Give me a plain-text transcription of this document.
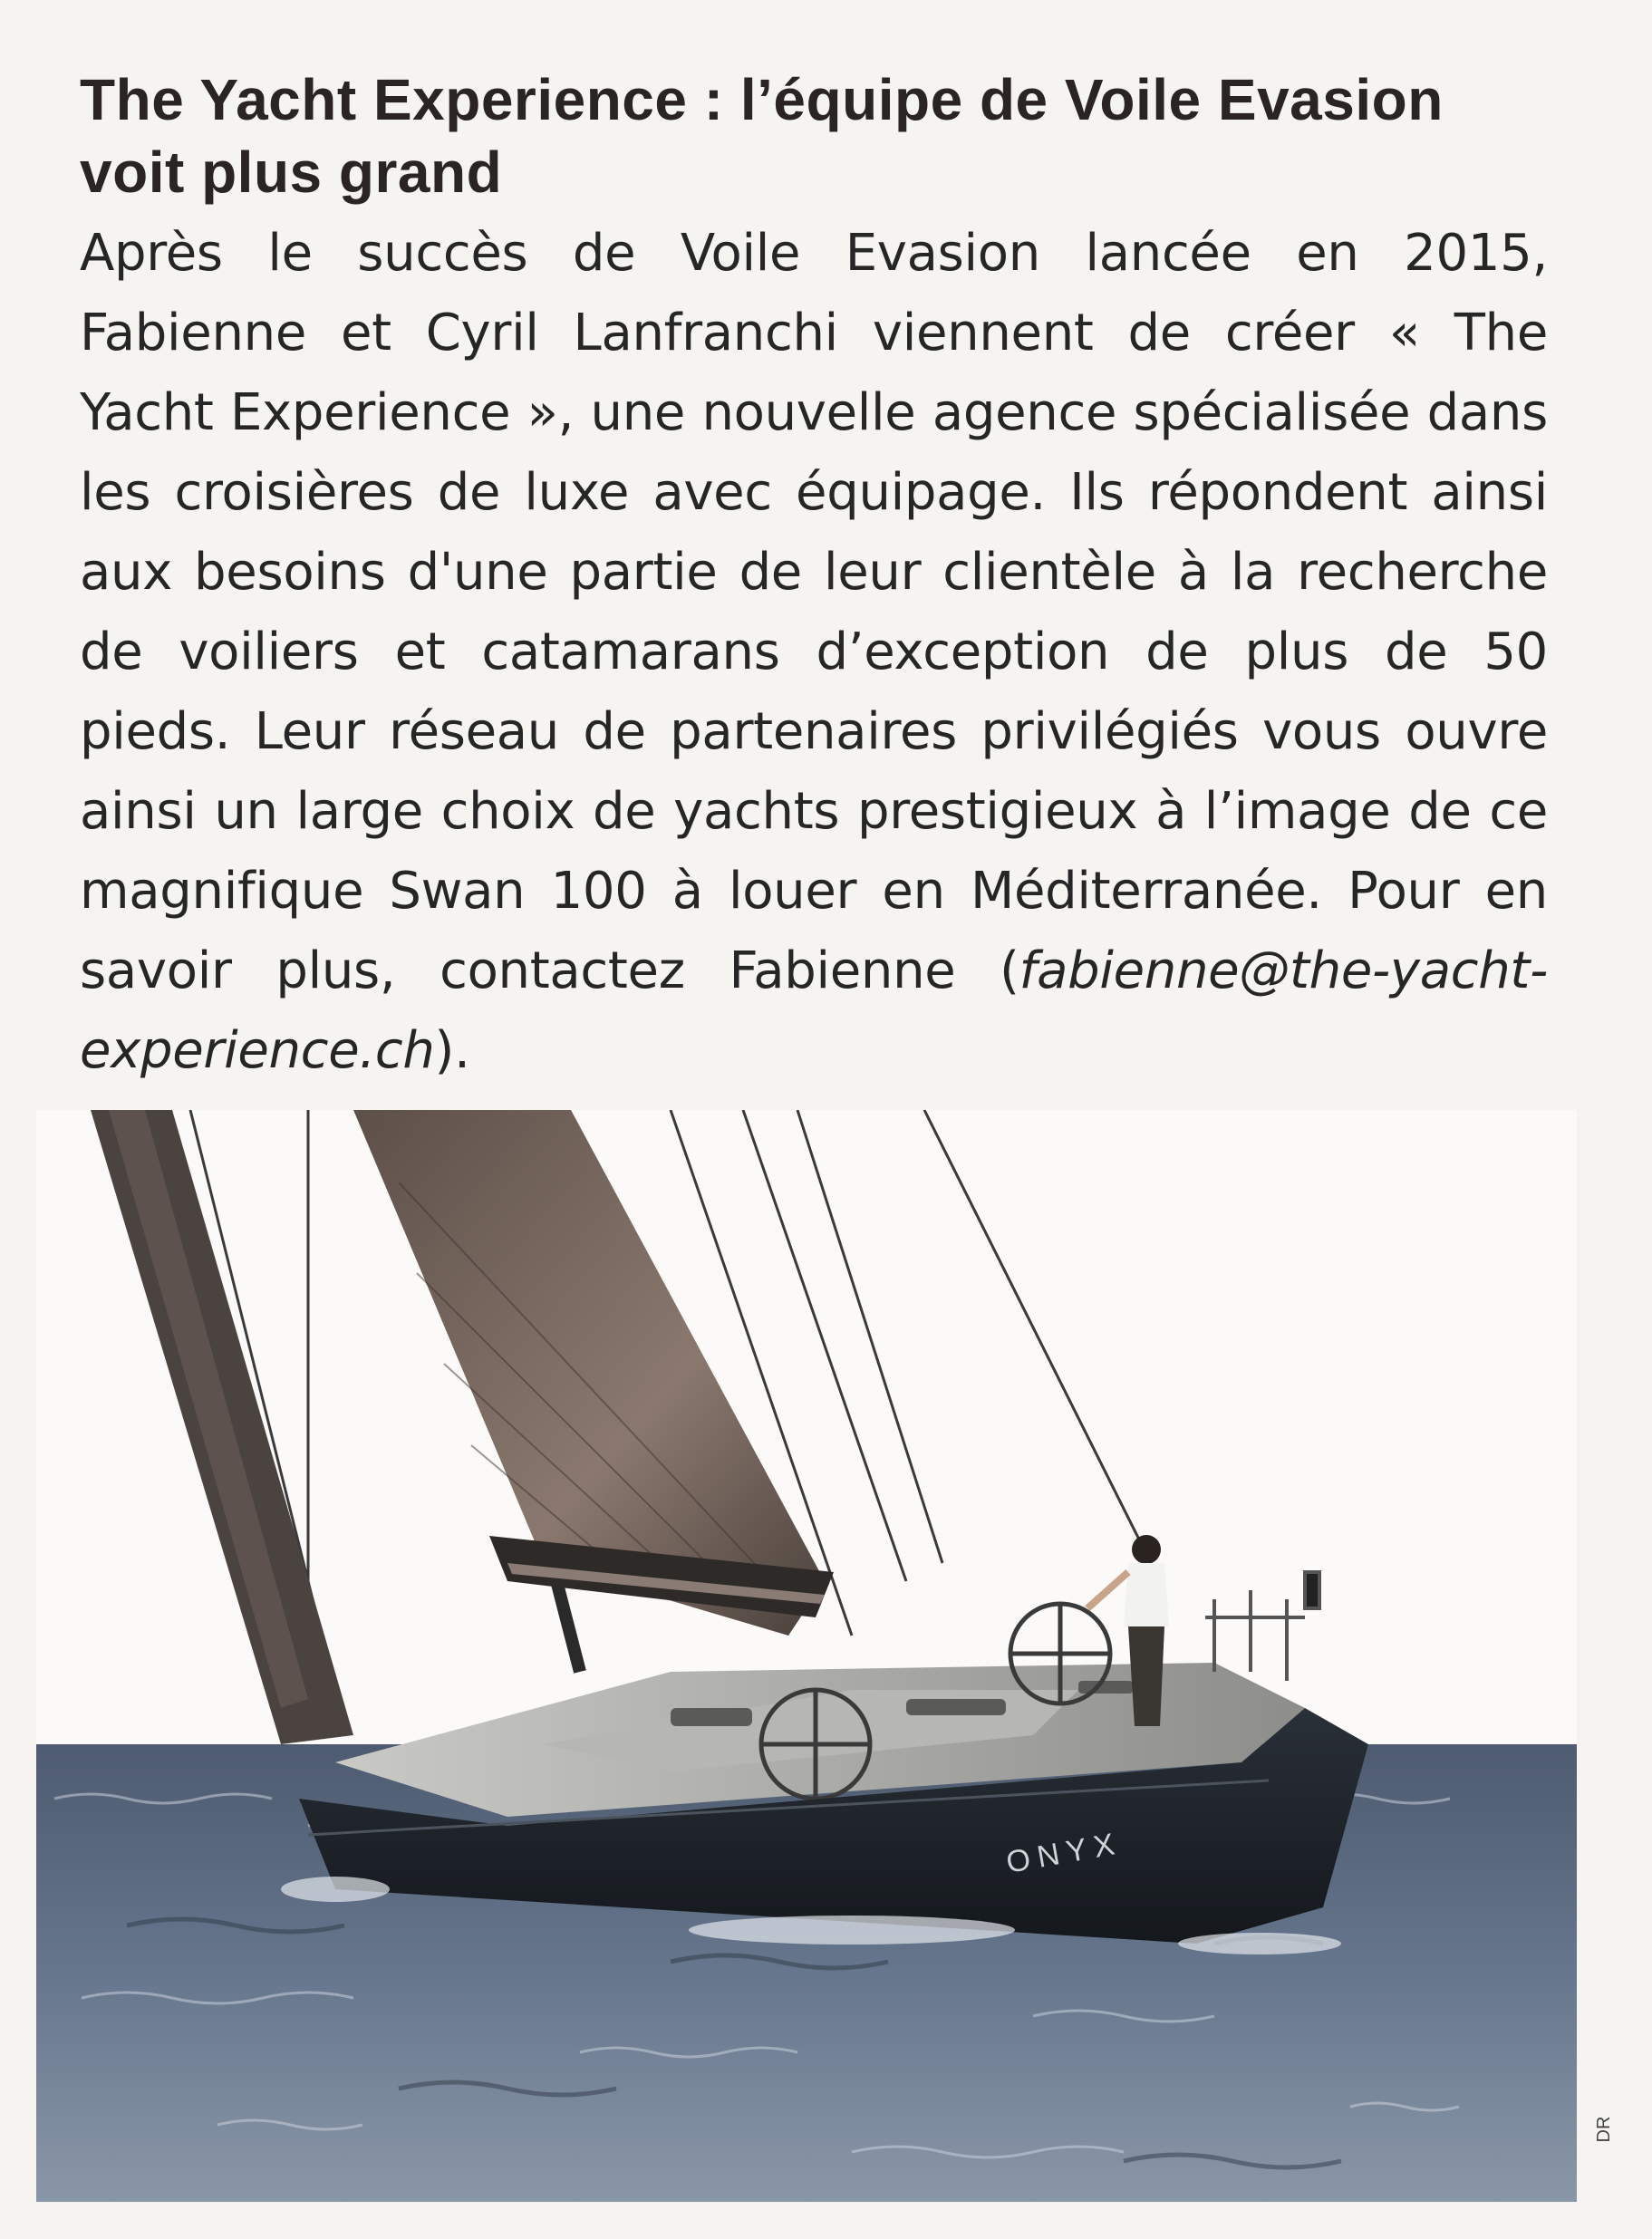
The Yacht Experience : l’équipe de Voile Evasion voit plus grand

Après le succès de Voile Evasion lancée en 2015, Fabienne et Cyril Lanfranchi viennent de créer « The Yacht Experience », une nouvelle agence spécialisée dans les croisières de luxe avec équipage. Ils répondent ainsi aux besoins d'une partie de leur clientèle à la recherche de voiliers et catamarans d’exception de plus de 50 pieds. Leur réseau de partenaires privilégiés vous ouvre ainsi un large choix de yachts prestigieux à l’image de ce magnifique Swan 100 à louer en Méditerranée. Pour en savoir plus, contactez Fabienne (fabienne@the-yacht-experience.ch).

ONYX
DR
